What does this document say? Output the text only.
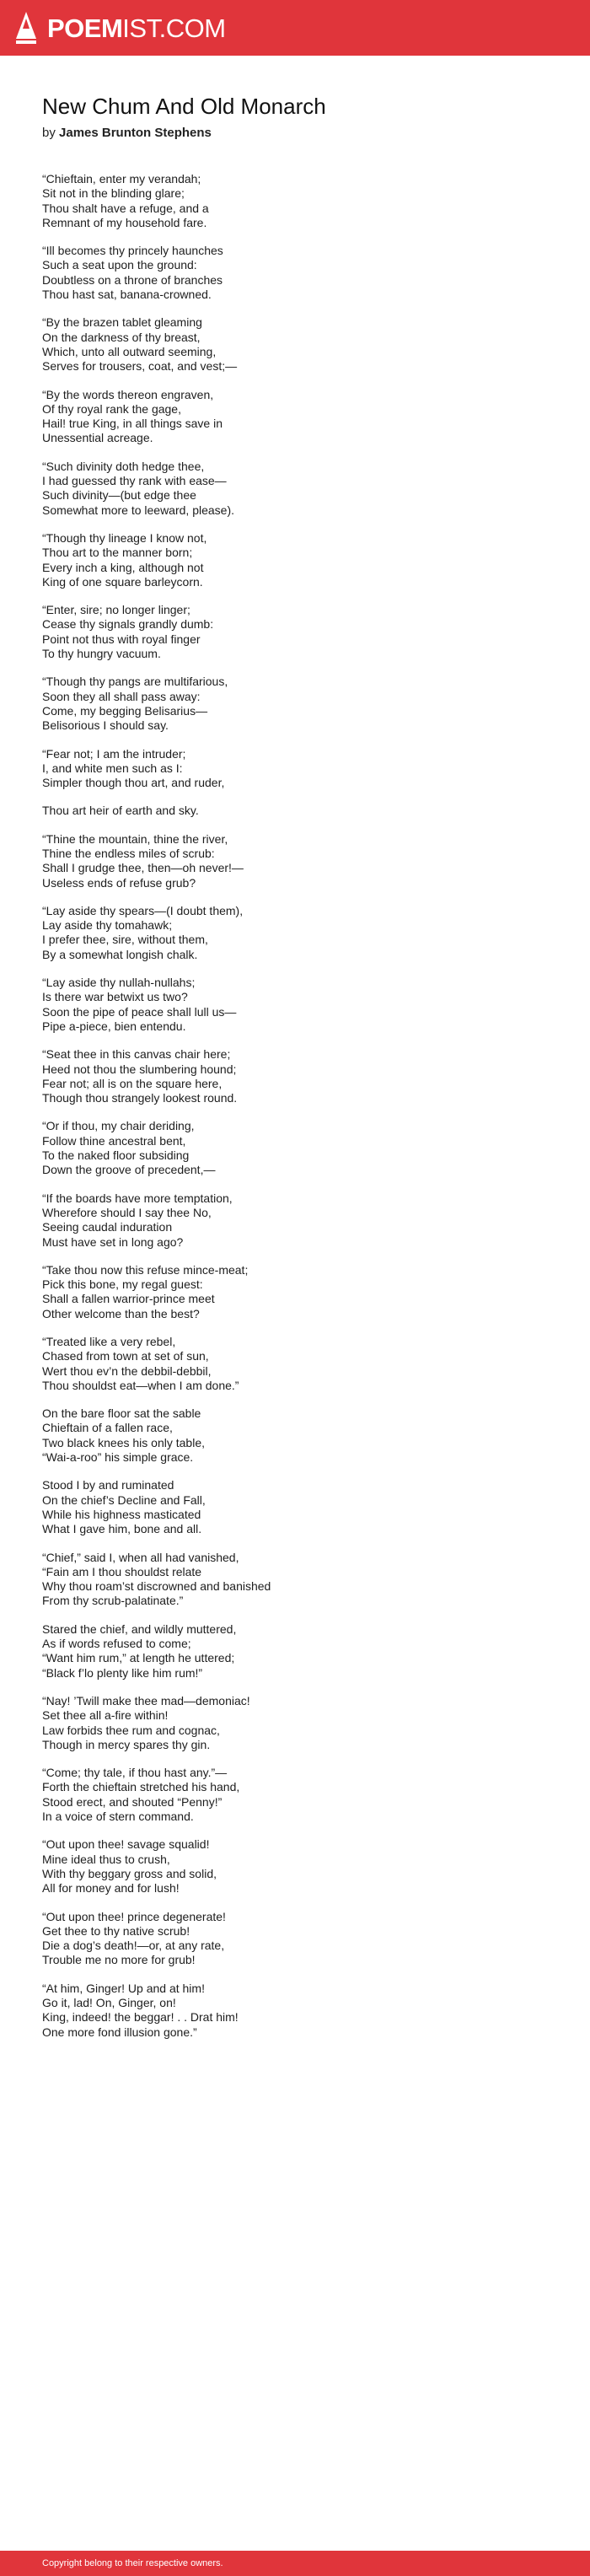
POEMIST.COM
New Chum And Old Monarch
by James Brunton Stephens
“Chieftain, enter my verandah;
Sit not in the blinding glare;
Thou shalt have a refuge, and a
Remnant of my household fare.
“Ill becomes thy princely haunches
Such a seat upon the ground:
Doubtless on a throne of branches
Thou hast sat, banana-crowned.
“By the brazen tablet gleaming
On the darkness of thy breast,
Which, unto all outward seeming,
Serves for trousers, coat, and vest;—
“By the words thereon engraven,
Of thy royal rank the gage,
Hail! true King, in all things save in
Unessential acreage.
“Such divinity doth hedge thee,
I had guessed thy rank with ease—
Such divinity—(but edge thee
Somewhat more to leeward, please).
“Though thy lineage I know not,
Thou art to the manner born;
Every inch a king, although not
King of one square barleycorn.
“Enter, sire; no longer linger;
Cease thy signals grandly dumb:
Point not thus with royal finger
To thy hungry vacuum.
“Though thy pangs are multifarious,
Soon they all shall pass away:
Come, my begging Belisarius—
Belisorious I should say.
“Fear not; I am the intruder;
I, and white men such as I:
Simpler though thou art, and ruder,
Thou art heir of earth and sky.
“Thine the mountain, thine the river,
Thine the endless miles of scrub:
Shall I grudge thee, then—oh never!—
Useless ends of refuse grub?
“Lay aside thy spears—(I doubt them),
Lay aside thy tomahawk;
I prefer thee, sire, without them,
By a somewhat longish chalk.
“Lay aside thy nullah-nullahs;
Is there war betwixt us two?
Soon the pipe of peace shall lull us—
Pipe a-piece, bien entendu.
“Seat thee in this canvas chair here;
Heed not thou the slumbering hound;
Fear not; all is on the square here,
Though thou strangely lookest round.
“Or if thou, my chair deriding,
Follow thine ancestral bent,
To the naked floor subsiding
Down the groove of precedent,—
“If the boards have more temptation,
Wherefore should I say thee No,
Seeing caudal induration
Must have set in long ago?
“Take thou now this refuse mince-meat;
Pick this bone, my regal guest:
Shall a fallen warrior-prince meet
Other welcome than the best?
“Treated like a very rebel,
Chased from town at set of sun,
Wert thou ev’n the debbil-debbil,
Thou shouldst eat—when I am done.”
On the bare floor sat the sable
Chieftain of a fallen race,
Two black knees his only table,
“Wai-a-roo” his simple grace.
Stood I by and ruminated
On the chief’s Decline and Fall,
While his highness masticated
What I gave him, bone and all.
“Chief,” said I, when all had vanished,
“Fain am I thou shouldst relate
Why thou roam’st discrowned and banished
From thy scrub-palatinate.”
Stared the chief, and wildly muttered,
As if words refused to come;
“Want him rum,” at length he uttered;
“Black f’lo plenty like him rum!”
“Nay! ’Twill make thee mad—demoniac!
Set thee all a-fire within!
Law forbids thee rum and cognac,
Though in mercy spares thy gin.
“Come; thy tale, if thou hast any.”—
Forth the chieftain stretched his hand,
Stood erect, and shouted “Penny!”
In a voice of stern command.
“Out upon thee! savage squalid!
Mine ideal thus to crush,
With thy beggary gross and solid,
All for money and for lush!
“Out upon thee! prince degenerate!
Get thee to thy native scrub!
Die a dog’s death!—or, at any rate,
Trouble me no more for grub!
“At him, Ginger! Up and at him!
Go it, lad! On, Ginger, on!
King, indeed! the beggar! . . Drat him!
One more fond illusion gone.”
Copyright belong to their respective owners.
